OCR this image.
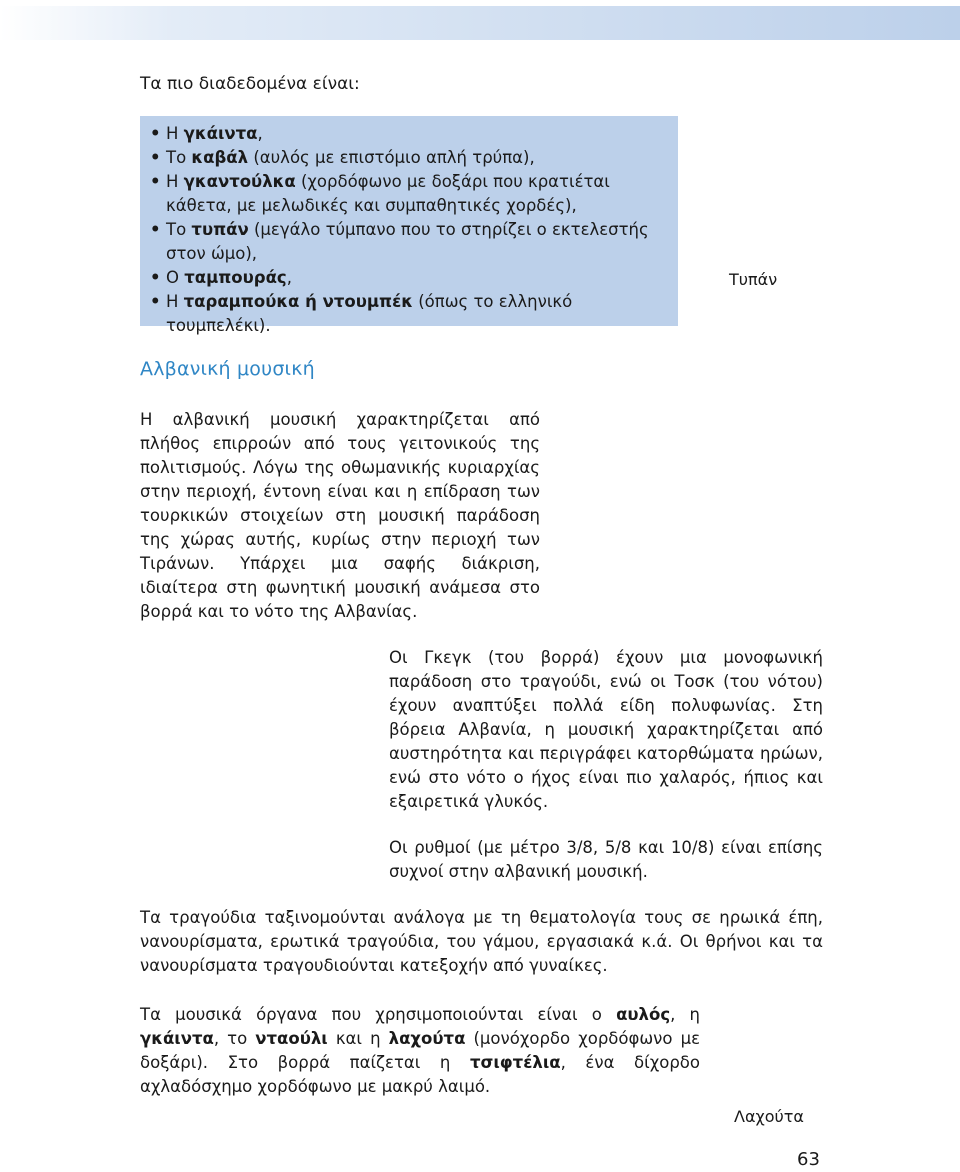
Τα πιο διαδεδομένα είναι:
• Η γκάιντα,
• Το καβάλ (αυλός με επιστόμιο απλή τρύπα),
• Η γκαντούλκα (χορδόφωνο με δοξάρι που κρατιέται κάθετα, με μελωδικές και συμπαθητικές χορδές),
• Το τυπάν (μεγάλο τύμπανο που το στηρίζει ο εκτελεστής στον ώμο),
• Ο ταμπουράς,
• Η ταραμπούκα ή ντουμπέκ (όπως το ελληνικό τουμπελέκι).
Τυπάν
Αλβανική μουσική

Η αλβανική μουσική χαρακτηρίζεται από πλήθος επιρροών από τους γειτονικούς της πολιτισμούς. Λόγω της οθωμανικής κυριαρχίας στην περιοχή, έντονη είναι και η επίδραση των τουρκικών στοιχείων στη μουσική παράδοση της χώρας αυτής, κυρίως στην περιοχή των Τιράνων. Υπάρχει μια σαφής διάκριση, ιδιαίτερα στη φωνητική μουσική ανάμεσα στο βορρά και το νότο της Αλβανίας.

Οι Γκεγκ (του βορρά) έχουν μια μονοφωνική παράδοση στο τραγούδι, ενώ οι Τοσκ (του νότου) έχουν αναπτύξει πολλά είδη πολυφωνίας. Στη βόρεια Αλβανία, η μουσική χαρακτηρίζεται από αυστηρότητα και περιγράφει κατορθώματα ηρώων, ενώ στο νότο ο ήχος είναι πιο χαλαρός, ήπιος και εξαιρετικά γλυκός.

Οι ρυθμοί (με μέτρο 3/8, 5/8 και 10/8) είναι επίσης συχνοί στην αλβανική μουσική.

Τα τραγούδια ταξινομούνται ανάλογα με τη θεματολογία τους σε ηρωικά έπη, νανουρίσματα, ερωτικά τραγούδια, του γάμου, εργασιακά κ.ά. Οι θρήνοι και τα νανουρίσματα τραγουδιούνται κατεξοχήν από γυναίκες.

Τα μουσικά όργανα που χρησιμοποιούνται είναι ο αυλός, η γκάιντα, το νταούλι και η λαχούτα (μονόχορδο χορδόφωνο με δοξάρι). Στο βορρά παίζεται η τσιφτέλια, ένα δίχορδο αχλαδόσχημο χορδόφωνο με μακρύ λαιμό.

Λαχούτα
63
